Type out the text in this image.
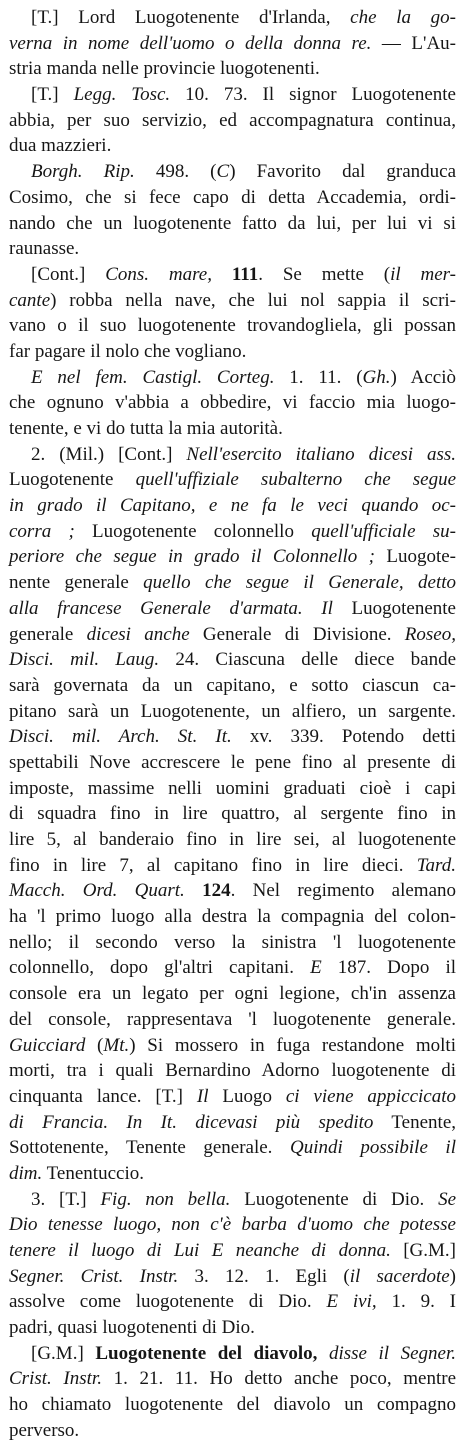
[T.] Lord Luogotenente d'Irlanda, che la go-
verna in nome dell'uomo o della donna re. — L'Au-
stria manda nelle provincie luogotenenti.
[T.] Legg. Tosc. 10. 73. Il signor Luogotenente
abbia, per suo servizio, ed accompagnatura continua,
dua mazzieri.
Borgh. Rip. 498. (C) Favorito dal granduca
Cosimo, che si fece capo di detta Accademia, ordi-
nando che un luogotenente fatto da lui, per lui vi si
raunasse.
[Cont.] Cons. mare, 111. Se mette (il mer-
cante) robba nella nave, che lui nol sappia il scri-
vano o il suo luogotenente trovandogliela, gli possan
far pagare il nolo che vogliano.
E nel fem. Castigl. Corteg. 1. 11. (Gh.) Acciò
che ognuno v'abbia a obbedire, vi faccio mia luogo-
tenente, e vi do tutta la mia autorità.
2. (Mil.) [Cont.] Nell'esercito italiano dicesi ass.
Luogotenente quell'uffiziale subalterno che segue
in grado il Capitano, e ne fa le veci quando oc-
corra ; Luogotenente colonnello quell'ufficiale su-
periore che segue in grado il Colonnello ; Luogote-
nente generale quello che segue il Generale, detto
alla francese Generale d'armata. Il Luogotenente
generale dicesi anche Generale di Divisione. Roseo,
Disci. mil. Laug. 24. Ciascuna delle diece bande
sarà governata da un capitano, e sotto ciascun ca-
pitano sarà un Luogotenente, un alfiero, un sargente.
Disci. mil. Arch. St. It. xv. 339. Potendo detti
spettabili Nove accrescere le pene fino al presente di
imposte, massime nelli uomini graduati cioè i capi
di squadra fino in lire quattro, al sergente fino in
lire 5, al banderaio fino in lire sei, al luogotenente
fino in lire 7, al capitano fino in lire dieci. Tard.
Macch. Ord. Quart. 124. Nel regimento alemano
ha 'l primo luogo alla destra la compagnia del colon-
nello; il secondo verso la sinistra 'l luogotenente
colonnello, dopo gl'altri capitani. E 187. Dopo il
console era un legato per ogni legione, ch'in assenza
del console, rappresentava 'l luogotenente generale.
Guicciard (Mt.) Si mossero in fuga restandone molti
morti, tra i quali Bernardino Adorno luogotenente di
cinquanta lance. [T.] Il Luogo ci viene appiccicato
di Francia. In It. dicevasi più spedito Tenente,
Sottotenente, Tenente generale. Quindi possibile il
dim. Tenentuccio.
3. [T.] Fig. non bella. Luogotenente di Dio. Se
Dio tenesse luogo, non c'è barba d'uomo che potesse
tenere il luogo di Lui E neanche di donna. [G.M.]
Segner. Crist. Instr. 3. 12. 1. Egli (il sacerdote)
assolve come luogotenente di Dio. E ivi, 1. 9. I
padri, quasi luogotenenti di Dio.
[G.M.] Luogotenente del diavolo, disse il Segner.
Crist. Instr. 1. 21. 11. Ho detto anche poco, mentre
ho chiamato luogotenente del diavolo un compagno
perverso.
